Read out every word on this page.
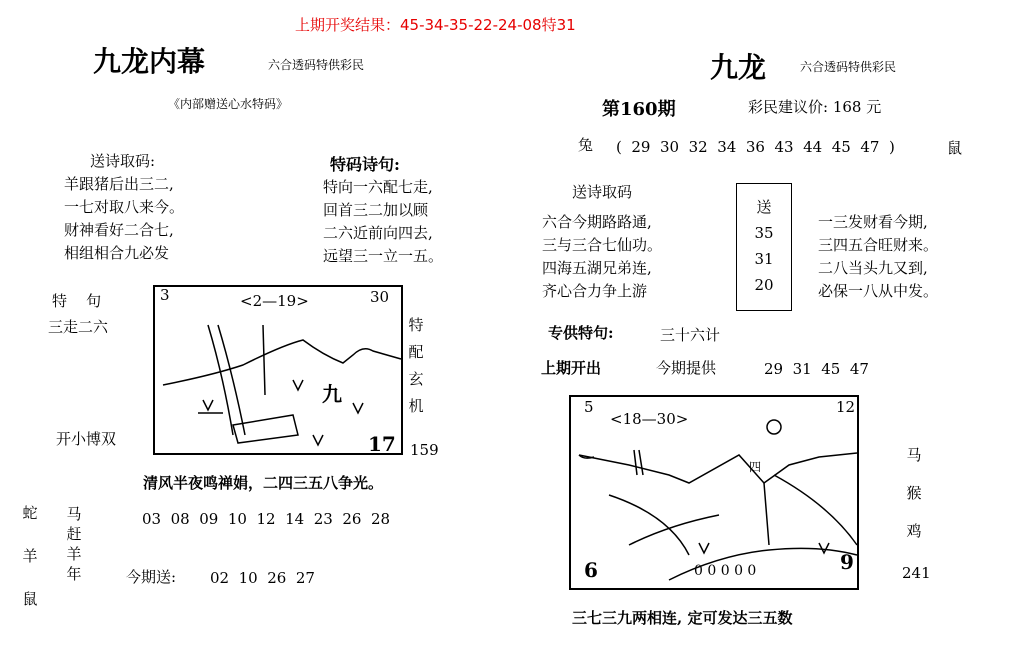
上期开奖结果：45-34-35-22-24-08特31
九龙内幕	六合透码特供彩民
《内部赠送心水特码》
送诗取码:
羊跟猪后出三二,
一七对取八来今。
财神看好二合七,
相组相合九必发
特码诗句:
特向一六配七走,
回首三二加以顾
二六近前向四去,
远望三一立一五。
特    句
三走二六
开小博双
3	<2—19>	30
九
17
特
配
玄
机
159
清风半夜鸣禅娟，二四三五八争光。
蛇
羊
鼠
马
赶
羊
年
03  08  09  10  12  14  23  26  28
今期送: 02  10  26  27
九龙	六合透码特供彩民
第160期	彩民建议价: 168 元
兔 (  29  30  32  34  36  43  44  45  47  )	鼠
送诗取码
六合今期路路通,
三与三合七仙功。
四海五湖兄弟连,
齐心合力争上游
送
35
31
20
一三发财看今期,
三四五合旺财来。
二八当头九又到,
必保一八从中发。
专供特句:	三十六计
上期开出	今期提供	29  31  45  47
0 0 0 0 0
四
5
<18—30>
12
6	9
马
猴
鸡
241
三七三九两相连, 定可发达三五数
